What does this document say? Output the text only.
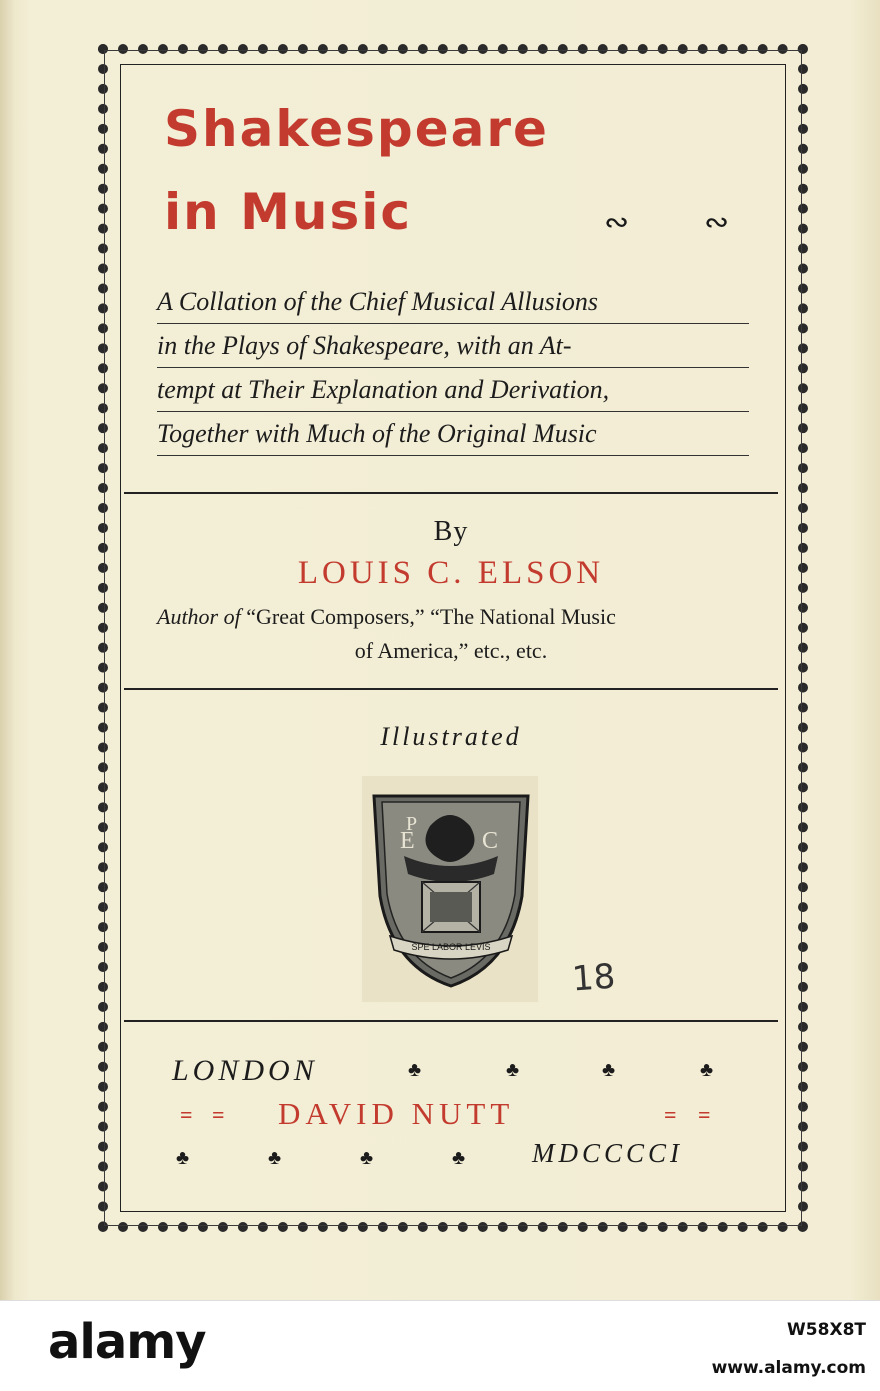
Shakespeare
in Music	∾ ∾
A Collation of the Chief Musical Allusions
in the Plays of Shakespeare, with an At-
tempt at Their Explanation and Derivation,
Together with Much of the Original Music
By
LOUIS C. ELSON
Author of “Great Composers,” “The National Music
of America,” etc., etc.
Illustrated
P
E	C
SPE LABOR LEVIS
18
LONDON	♣	♣	♣	♣
= = DAVID NUTT	= =
♣	♣	♣	♣ MDCCCCI
alamy	W58X8T
www.alamy.com
